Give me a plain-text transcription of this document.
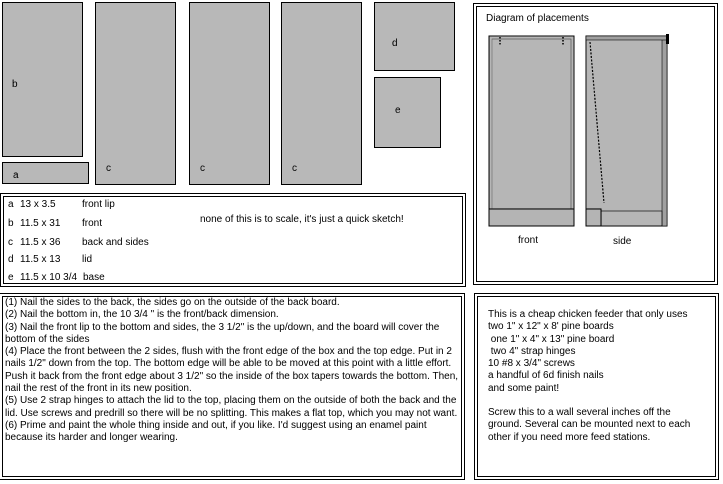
b
a
c	c	c
d
e
a 13 x 3.5	front lip
b 11.5 x 31 front
c 11.5 x 36 back and sides
d 11.5 x 13 lid
e 11.5 x 10 3/4 base
none of this is to scale, it's just a quick sketch!
Diagram of placements
front	side

(1) Nail the sides to the back, the sides go on the outside of the back board.

(2) Nail the bottom in, the 10 3/4 " is the front/back dimension.

(3) Nail the front lip to the bottom and sides, the 3 1/2" is the up/down, and the board will cover the bottom of the sides

(4) Place the front between the 2 sides, flush with the front edge of the box and the top edge. Put in 2 nails 1/2" down from the top. The bottom edge will be able to be moved at this point with a little effort. Push it back from the front edge about 3 1/2" so the inside of the box tapers towards the bottom. Then, nail the rest of the front in its new position.

(5) Use 2 strap hinges to attach the lid to the top, placing them on the outside of both the back and the lid. Use screws and predrill so there will be no splitting. This makes a flat top, which you may not want.

(6) Prime and paint the whole thing inside and out, if you like. I'd suggest using an enamel paint because its harder and longer wearing.

This is a cheap chicken feeder that only uses
two 1" x 12" x 8' pine boards
one 1" x 4" x 13" pine board
two 4" strap hinges
10 #8 x 3/4" screws
a handful of 6d finish nails
and some paint!
Screw this to a wall several inches off the ground. Several can be mounted next to each other if you need more feed stations.
